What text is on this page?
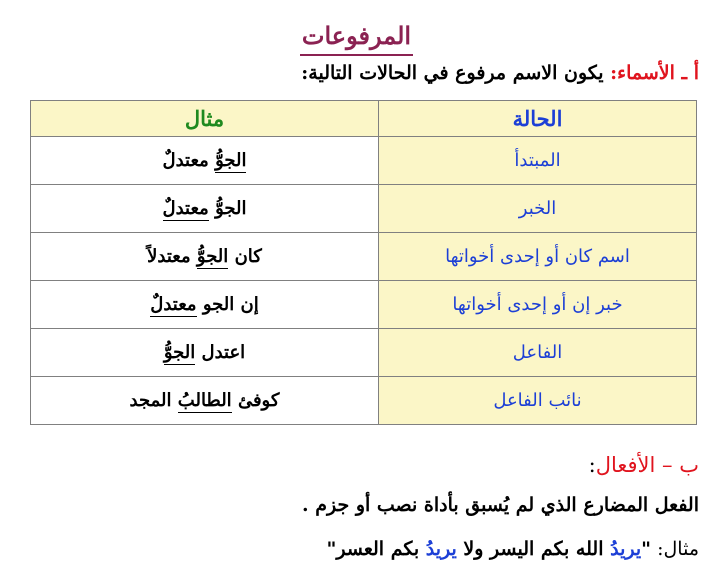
المرفوعات
أ ـ الأسماء: يكون الاسم مرفوع في الحالات التالية:
الحالة	مثال
المبتدأ	الجوُّ معتدلٌ
الخبر	الجوُّ معتدلٌ
اسم كان أو إحدى أخواتها	كان الجوُّ معتدلاً
خبر إن أو إحدى أخواتها	إن الجو معتدلٌ
الفاعل	اعتدل الجوُّ
نائب الفاعل	كوفئ الطالبُ المجد
ب – الأفعال:
الفعل المضارع الذي لم يُسبق بأداة نصب أو جزم .
مثال: "يريدُ الله بكم اليسر ولا يريدُ بكم العسر"
